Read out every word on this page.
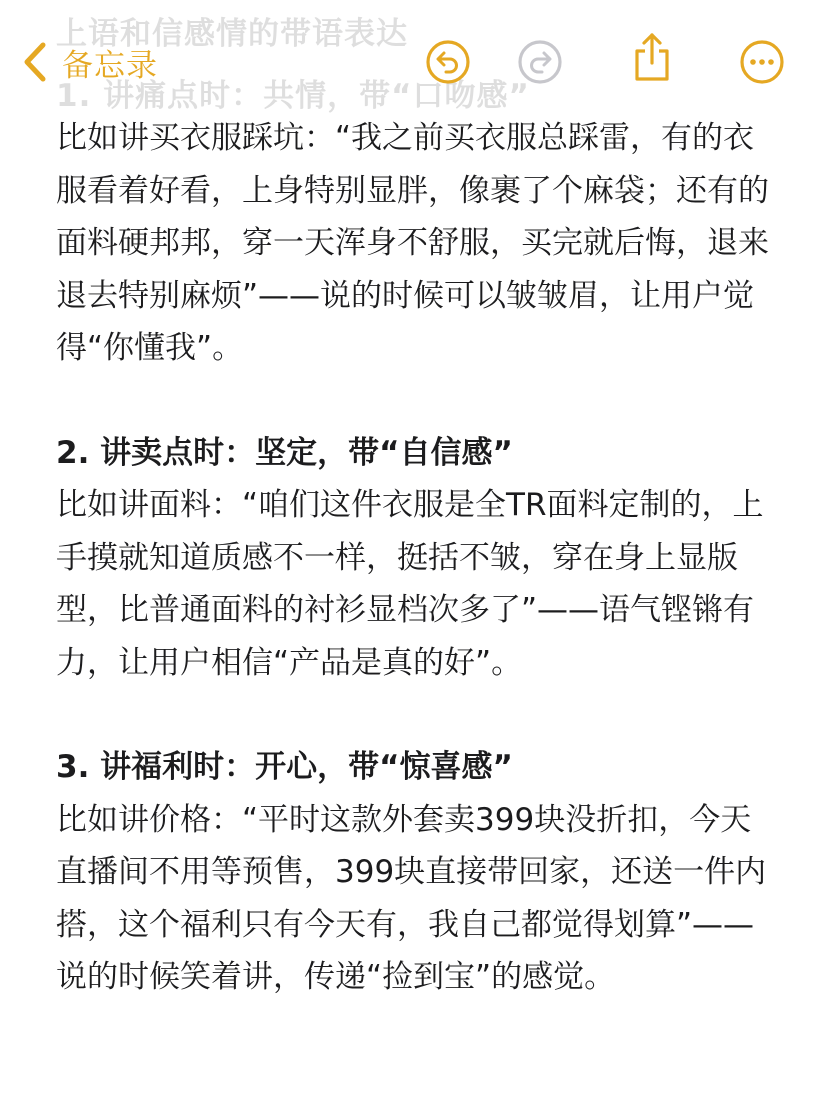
上语和信感情的带语表达
1. 讲痛点时：共情，带“口吻感”
备忘录

比如讲买衣服踩坑：“我之前买衣服总踩雷，有的衣服看着好看，上身特别显胖，像裹了个麻袋；还有的面料硬邦邦，穿一天浑身不舒服，买完就后悔，退来退去特别麻烦”——说的时候可以皱皱眉，让用户觉得“你懂我”。

2. 讲卖点时：坚定，带“自信感”

比如讲面料：“咱们这件衣服是全TR面料定制的，上手摸就知道质感不一样，挺括不皱，穿在身上显版型，比普通面料的衬衫显档次多了”——语气铿锵有力，让用户相信“产品是真的好”。

3. 讲福利时：开心，带“惊喜感”

比如讲价格：“平时这款外套卖399块没折扣，今天直播间不用等预售，399块直接带回家，还送一件内搭，这个福利只有今天有，我自己都觉得划算”——说的时候笑着讲，传递“捡到宝”的感觉。
